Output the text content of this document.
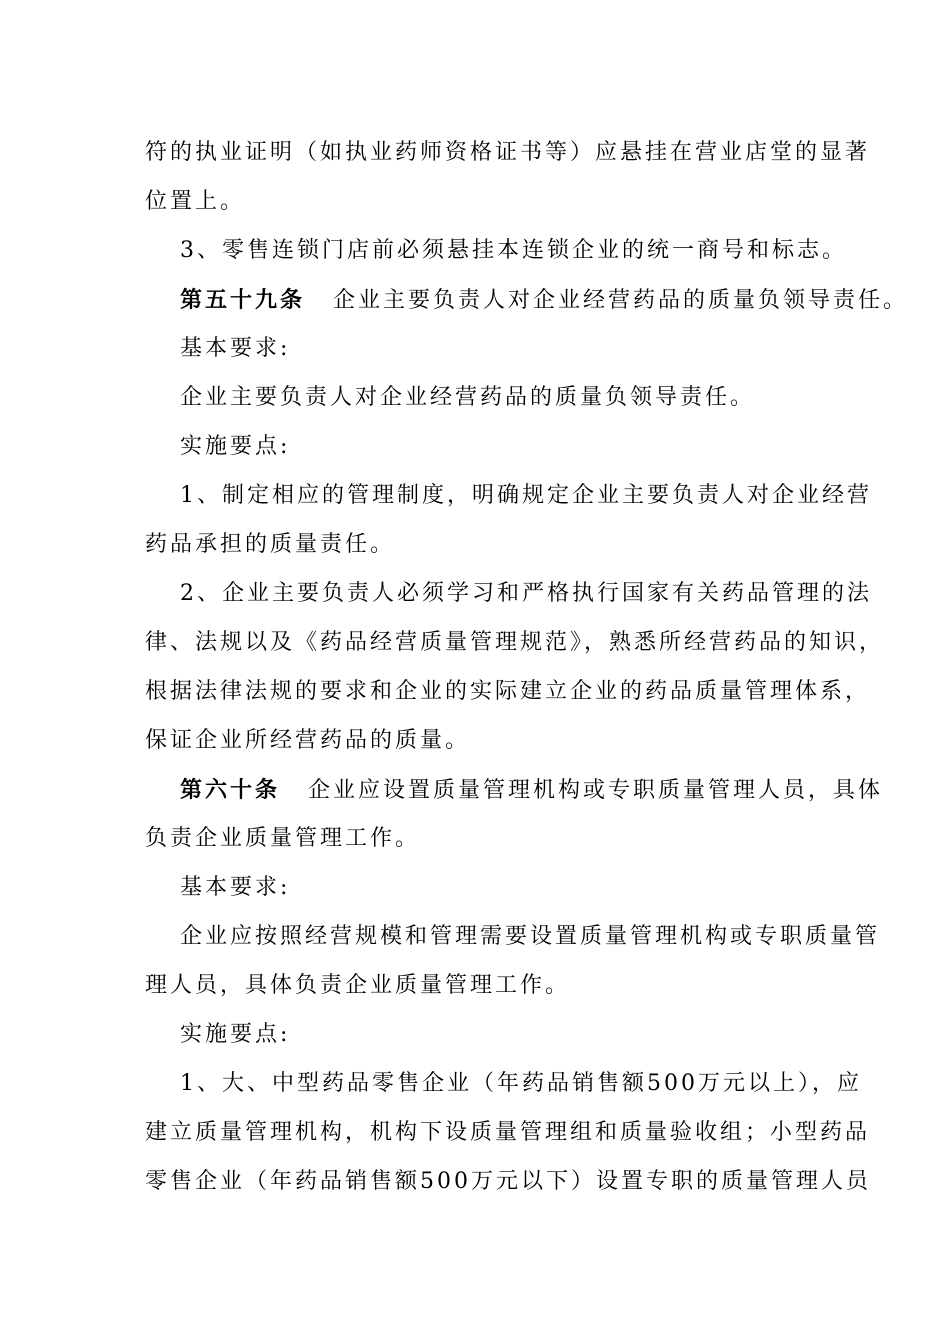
符的执业证明（如执业药师资格证书等）应悬挂在营业店堂的显著
位置上。
3、零售连锁门店前必须悬挂本连锁企业的统一商号和标志。
第五十九条 企业主要负责人对企业经营药品的质量负领导责任。
基本要求:
企业主要负责人对企业经营药品的质量负领导责任。
实施要点:
1、制定相应的管理制度，明确规定企业主要负责人对企业经营
药品承担的质量责任。
2、企业主要负责人必须学习和严格执行国家有关药品管理的法
律、法规以及《药品经营质量管理规范》，熟悉所经营药品的知识，
根据法律法规的要求和企业的实际建立企业的药品质量管理体系，
保证企业所经营药品的质量。
第六十条 企业应设置质量管理机构或专职质量管理人员，具体
负责企业质量管理工作。
基本要求:
企业应按照经营规模和管理需要设置质量管理机构或专职质量管
理人员，具体负责企业质量管理工作。
实施要点:
1、大、中型药品零售企业（年药品销售额500万元以上），应
建立质量管理机构，机构下设质量管理组和质量验收组；小型药品
零售企业（年药品销售额500万元以下）设置专职的质量管理人员
